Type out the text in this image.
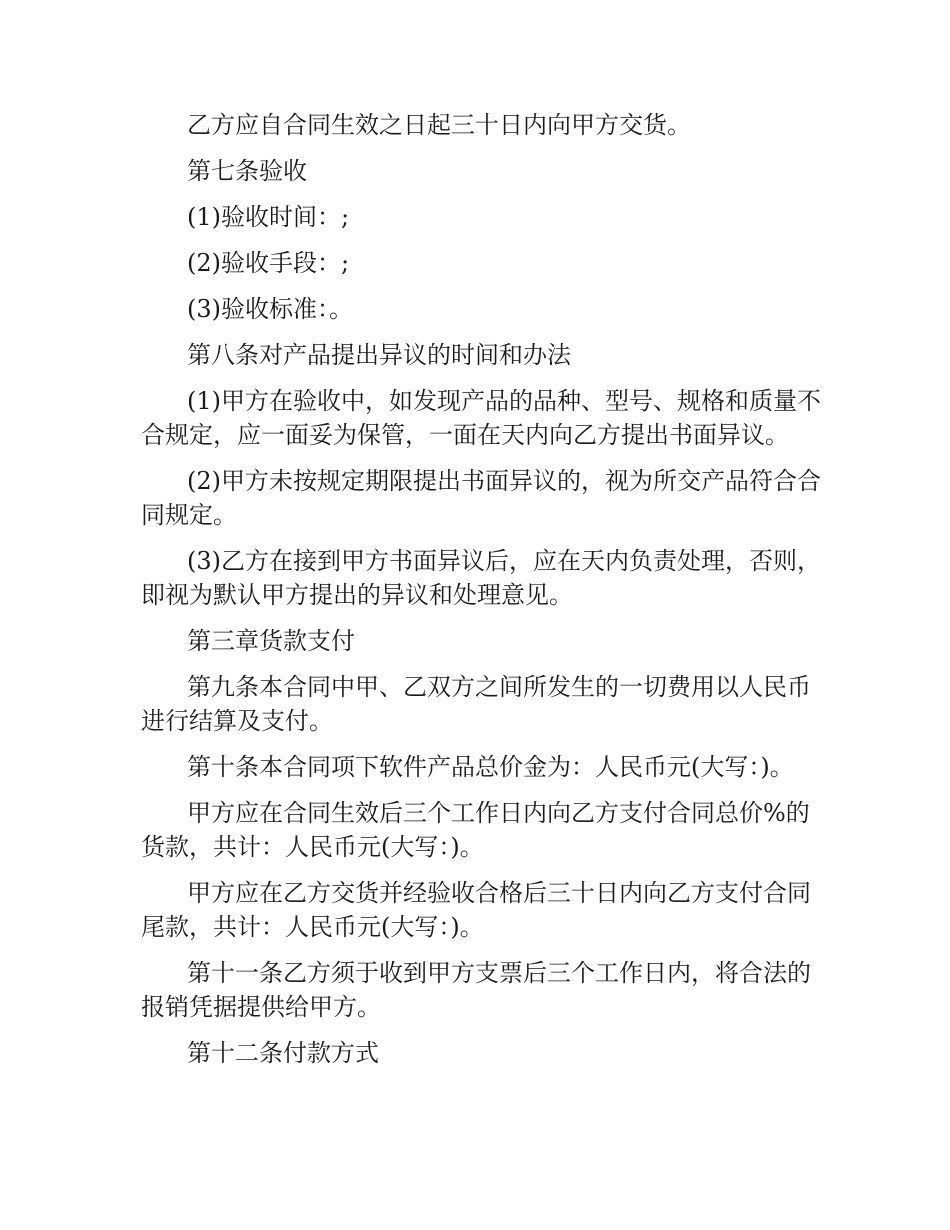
乙方应自合同生效之日起三十日内向甲方交货。

第七条验收

(1)验收时间：;

(2)验收手段：;

(3)验收标准：。

第八条对产品提出异议的时间和办法

(1)甲方在验收中，如发现产品的品种、型号、规格和质量不合规定，应一面妥为保管，一面在天内向乙方提出书面异议。

(2)甲方未按规定期限提出书面异议的，视为所交产品符合合同规定。

(3)乙方在接到甲方书面异议后，应在天内负责处理，否则，即视为默认甲方提出的异议和处理意见。

第三章货款支付

第九条本合同中甲、乙双方之间所发生的一切费用以人民币进行结算及支付。

第十条本合同项下软件产品总价金为：人民币元(大写：)。

甲方应在合同生效后三个工作日内向乙方支付合同总价%的货款，共计：人民币元(大写：)。

甲方应在乙方交货并经验收合格后三十日内向乙方支付合同尾款，共计：人民币元(大写：)。

第十一条乙方须于收到甲方支票后三个工作日内，将合法的报销凭据提供给甲方。

第十二条付款方式
